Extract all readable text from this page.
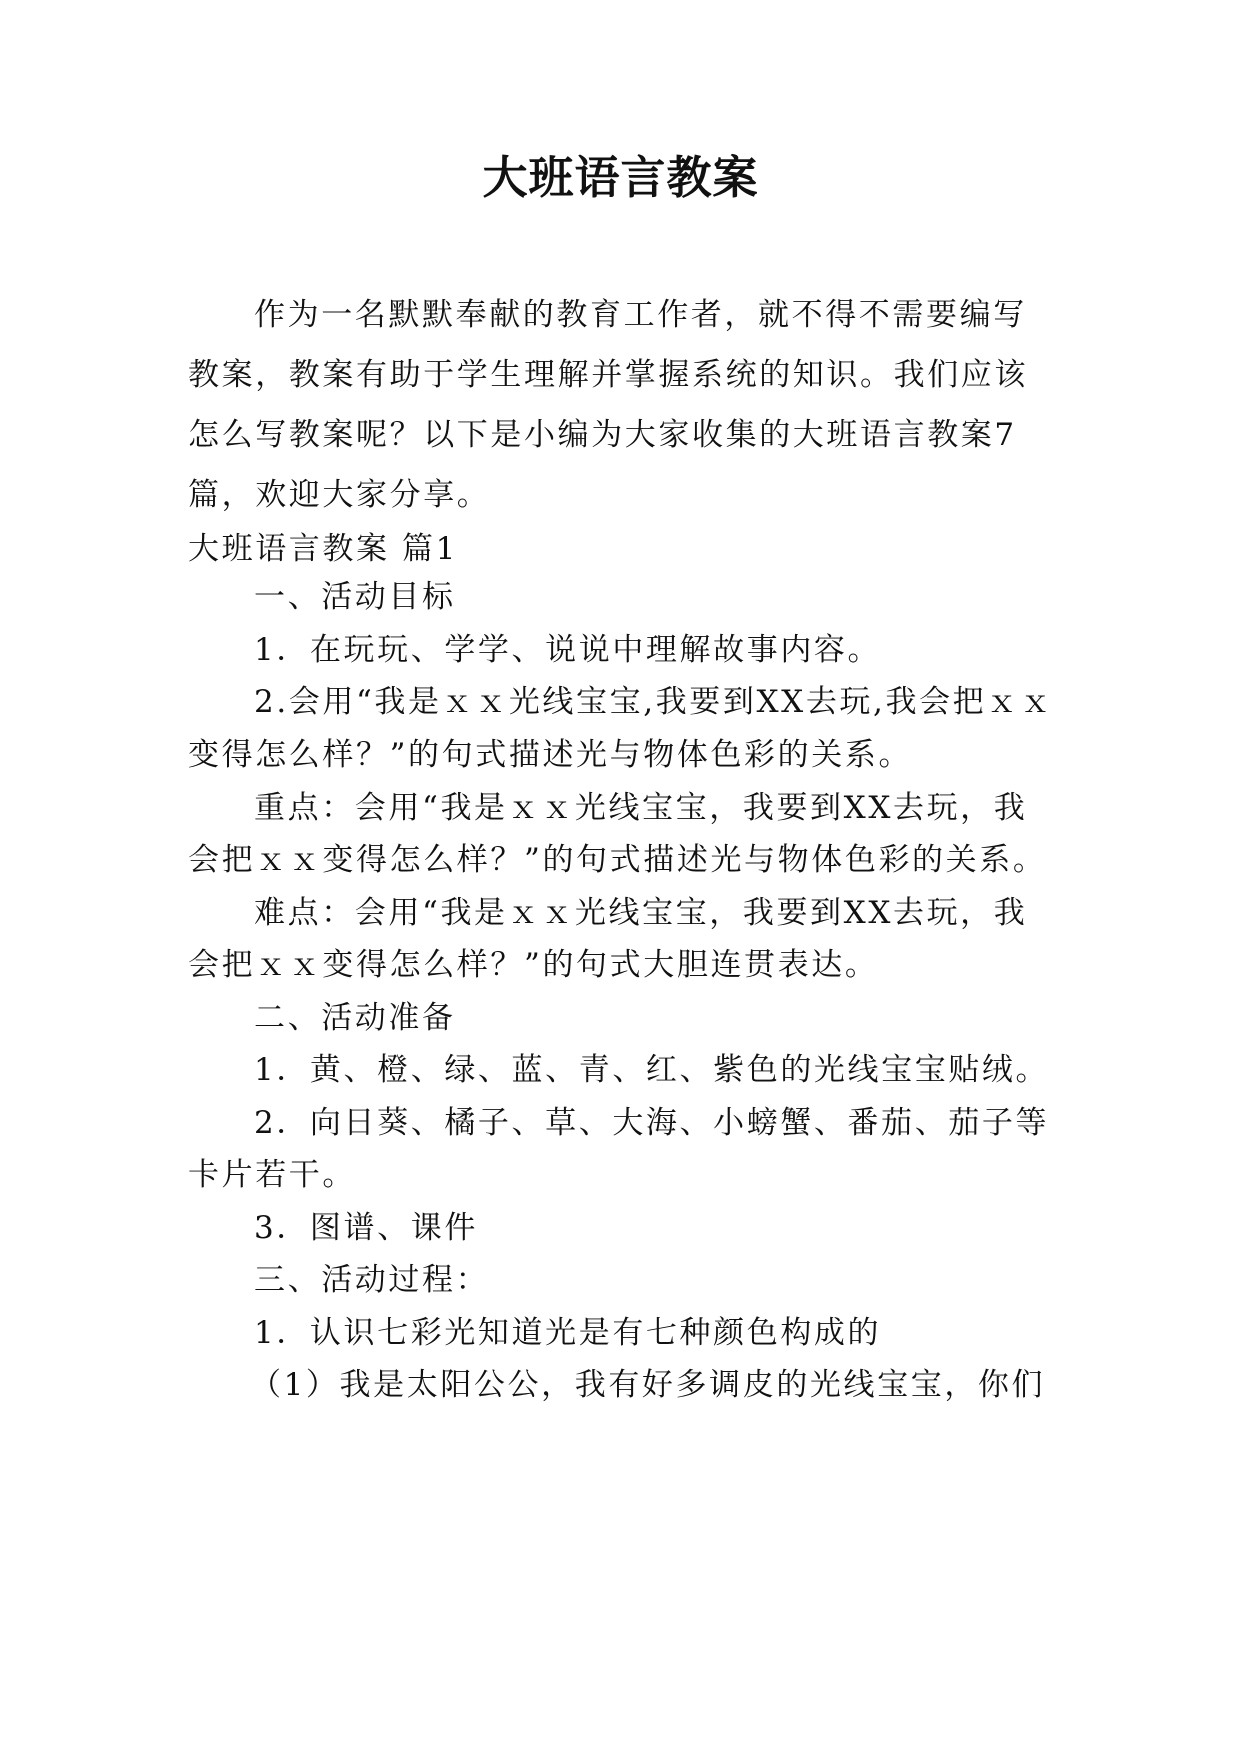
大班语言教案
作为一名默默奉献的教育工作者，就不得不需要编写教案，教案有助于学生理解并掌握系统的知识。我们应该怎么写教案呢？以下是小编为大家收集的大班语言教案7篇，欢迎大家分享。
大班语言教案 篇1
一、活动目标
1．在玩玩、学学、说说中理解故事内容。
2.会用“我是ｘｘ光线宝宝,我要到XX去玩,我会把ｘｘ
变得怎么样？”的句式描述光与物体色彩的关系。
重点：会用“我是ｘｘ光线宝宝，我要到XX去玩，我
会把ｘｘ变得怎么样？”的句式描述光与物体色彩的关系。
难点：会用“我是ｘｘ光线宝宝，我要到XX去玩，我
会把ｘｘ变得怎么样？”的句式大胆连贯表达。
二、活动准备
1．黄、橙、绿、蓝、青、红、紫色的光线宝宝贴绒。
2．向日葵、橘子、草、大海、小螃蟹、番茄、茄子等
卡片若干。
3．图谱、课件
三、活动过程：
1．认识七彩光知道光是有七种颜色构成的
（1）我是太阳公公，我有好多调皮的光线宝宝，你们
